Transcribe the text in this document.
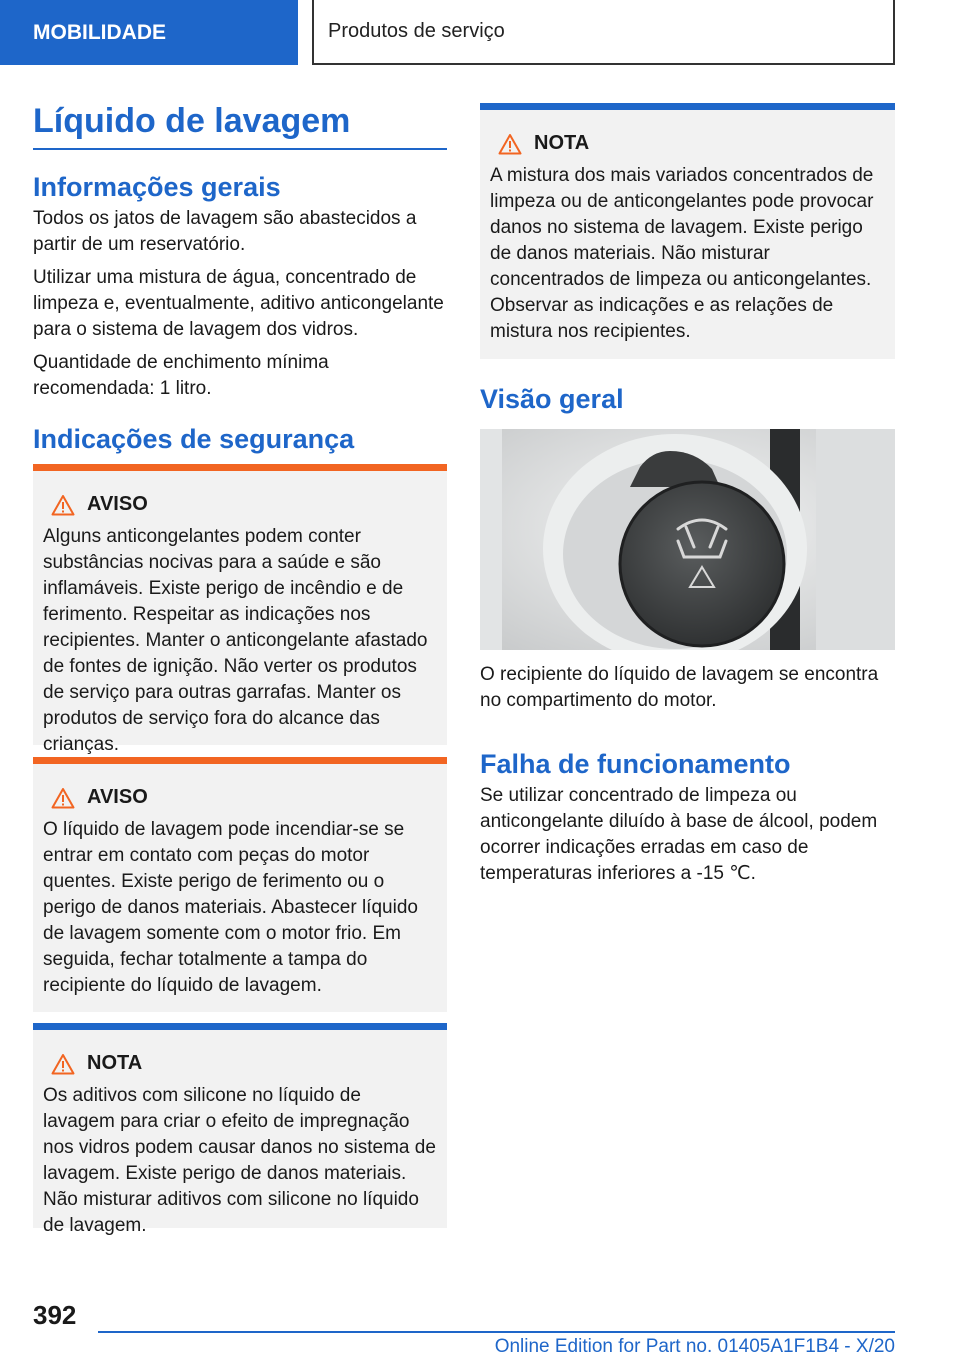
MOBILIDADE	Produtos de serviço
Líquido de lavagem
Informações gerais

Todos os jatos de lavagem são abastecidos a partir de um reservatório.

Utilizar uma mistura de água, concentrado de limpeza e, eventualmente, aditivo anticongelante para o sistema de lavagem dos vidros.

Quantidade de enchimento mínima recomendada: 1 litro.

Indicações de segurança
AVISO

Alguns anticongelantes podem conter substâncias nocivas para a saúde e são inflamáveis. Existe perigo de incêndio e de ferimento. Respeitar as indicações nos recipientes. Manter o anticongelante afastado de fontes de ignição. Não verter os produtos de serviço para outras garrafas. Manter os produtos de serviço fora do alcance das crianças.

AVISO

O líquido de lavagem pode incendiar-se se entrar em contato com peças do motor quentes. Existe perigo de ferimento ou o perigo de danos materiais. Abastecer líquido de lavagem somente com o motor frio. Em seguida, fechar totalmente a tampa do recipiente do líquido de lavagem.

NOTA

Os aditivos com silicone no líquido de lavagem para criar o efeito de impregnação nos vidros podem causar danos no sistema de lavagem. Existe perigo de danos materiais. Não misturar aditivos com silicone no líquido de lavagem.

NOTA

A mistura dos mais variados concentrados de limpeza ou de anticongelantes pode provocar danos no sistema de lavagem. Existe perigo de danos materiais. Não misturar concentrados de limpeza ou anticongelantes. Observar as indicações e as relações de mistura nos recipientes.

Visão geral

O recipiente do líquido de lavagem se encontra no compartimento do motor.

Falha de funcionamento

Se utilizar concentrado de limpeza ou anticongelante diluído à base de álcool, podem ocorrer indicações erradas em caso de temperaturas inferiores a -15 ℃.

392
Online Edition for Part no. 01405A1F1B4 - X/20
